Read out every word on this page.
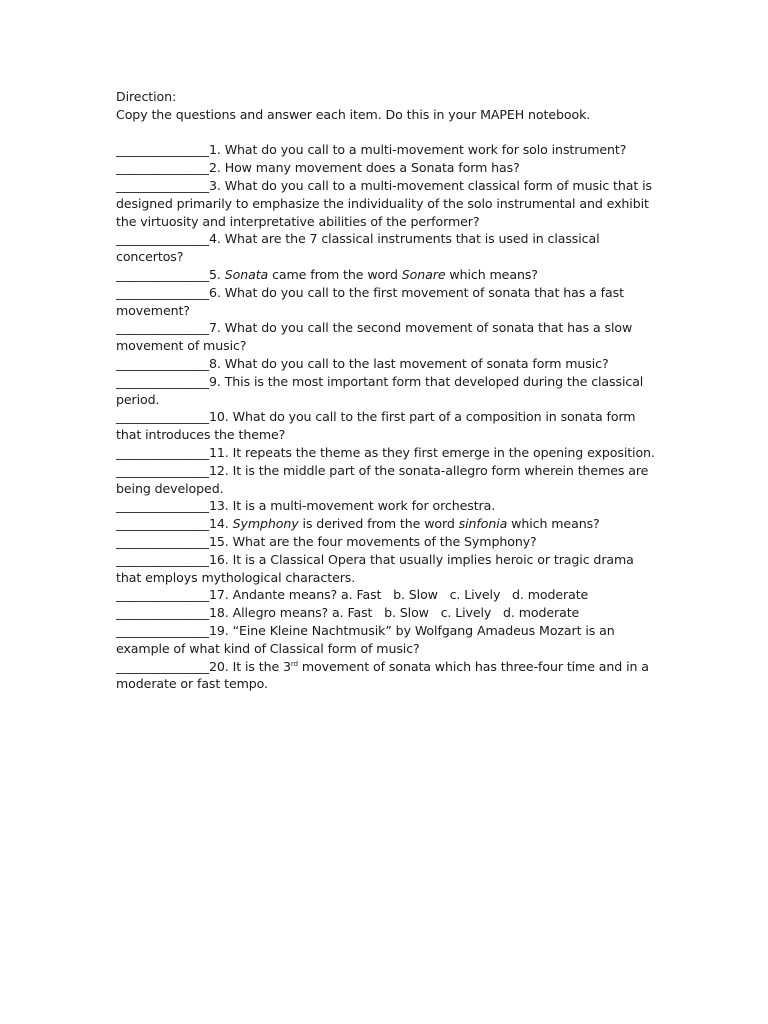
Direction:

Copy the questions and answer each item. Do this in your MAPEH notebook.

_______________1. What do you call to a multi-movement work for solo instrument?

_______________2. How many movement does a Sonata form has?

_______________3. What do you call to a multi-movement classical form of music that is designed primarily to emphasize the individuality of the solo instrumental and exhibit the virtuosity and interpretative abilities of the performer?

_______________4. What are the 7 classical instruments that is used in classical concertos?

_______________5. Sonata came from the word Sonare which means?

_______________6. What do you call to the first movement of sonata that has a fast movement?

_______________7. What do you call the second movement of sonata that has a slow movement of music?

_______________8. What do you call to the last movement of sonata form music?

_______________9. This is the most important form that developed during the classical period.

_______________10. What do you call to the first part of a composition in sonata form that introduces the theme?

_______________11. It repeats the theme as they first emerge in the opening exposition.

_______________12. It is the middle part of the sonata-allegro form wherein themes are being developed.

_______________13. It is a multi-movement work for orchestra.

_______________14. Symphony is derived from the word sinfonia which means?

_______________15. What are the four movements of the Symphony?

_______________16. It is a Classical Opera that usually implies heroic or tragic drama that employs mythological characters.

_______________17. Andante means? a. Fast   b. Slow   c. Lively   d. moderate

_______________18. Allegro means? a. Fast   b. Slow   c. Lively   d. moderate

_______________19. “Eine Kleine Nachtmusik” by Wolfgang Amadeus Mozart is an example of what kind of Classical form of music?

_______________20. It is the 3rd movement of sonata which has three-four time and in a moderate or fast tempo.
